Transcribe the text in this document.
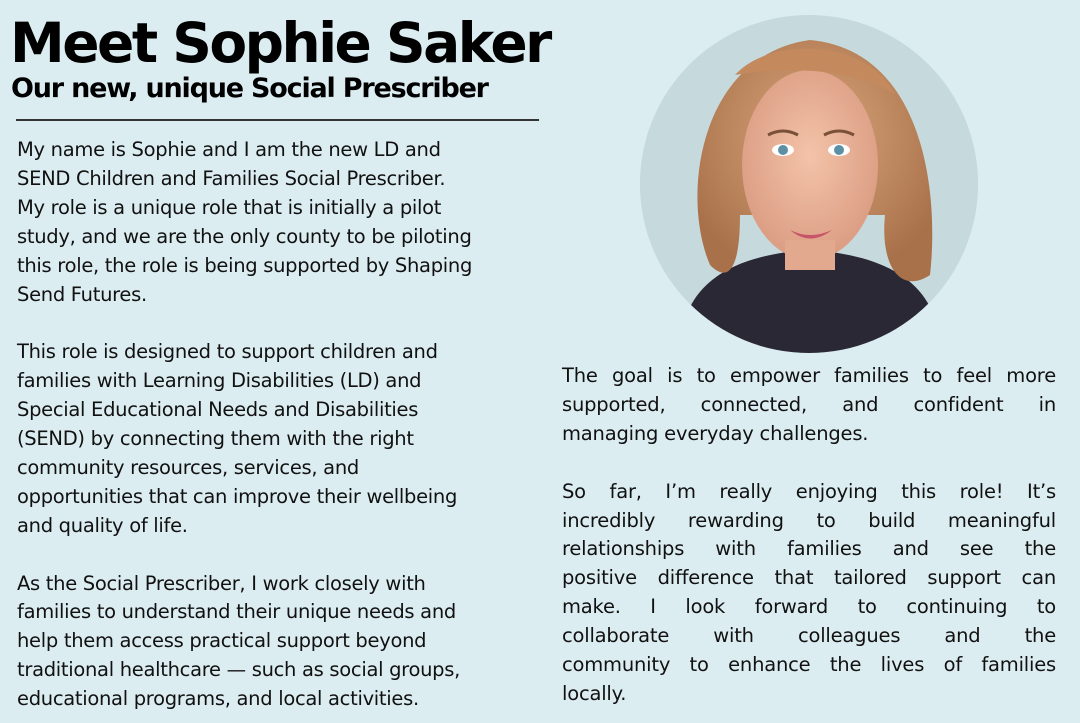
Meet Sophie Saker
Our new, unique Social Prescriber
My name is Sophie and I am the new LD and
SEND Children and Families Social Prescriber.
My role is a unique role that is initially a pilot
study, and we are the only county to be piloting
this role, the role is being supported by Shaping
Send Futures.
This role is designed to support children and
families with Learning Disabilities (LD) and
Special Educational Needs and Disabilities
(SEND) by connecting them with the right
community resources, services, and
opportunities that can improve their wellbeing
and quality of life.
As the Social Prescriber, I work closely with
families to understand their unique needs and
help them access practical support beyond
traditional healthcare — such as social groups,
educational programs, and local activities.
The goal is to empower families to feel more
supported, connected, and confident in
managing everyday challenges.
So far, I’m really enjoying this role! It’s
incredibly rewarding to build meaningful
relationships with families and see the
positive difference that tailored support can
make. I look forward to continuing to
collaborate with colleagues and the
community to enhance the lives of families
locally.
